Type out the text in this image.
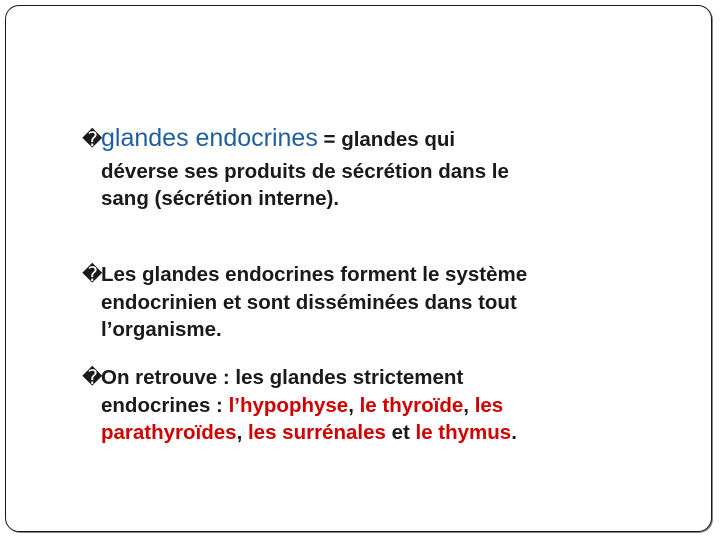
�glandes endocrines = glandes qui
déverse ses produits de sécrétion dans le
sang (sécrétion interne).
�Les glandes endocrines forment le système
endocrinien et sont disséminées dans tout
l’organisme.
�On retrouve : les glandes strictement
endocrines : l’hypophyse, le thyroïde, les
parathyroïdes, les surrénales et le thymus.
